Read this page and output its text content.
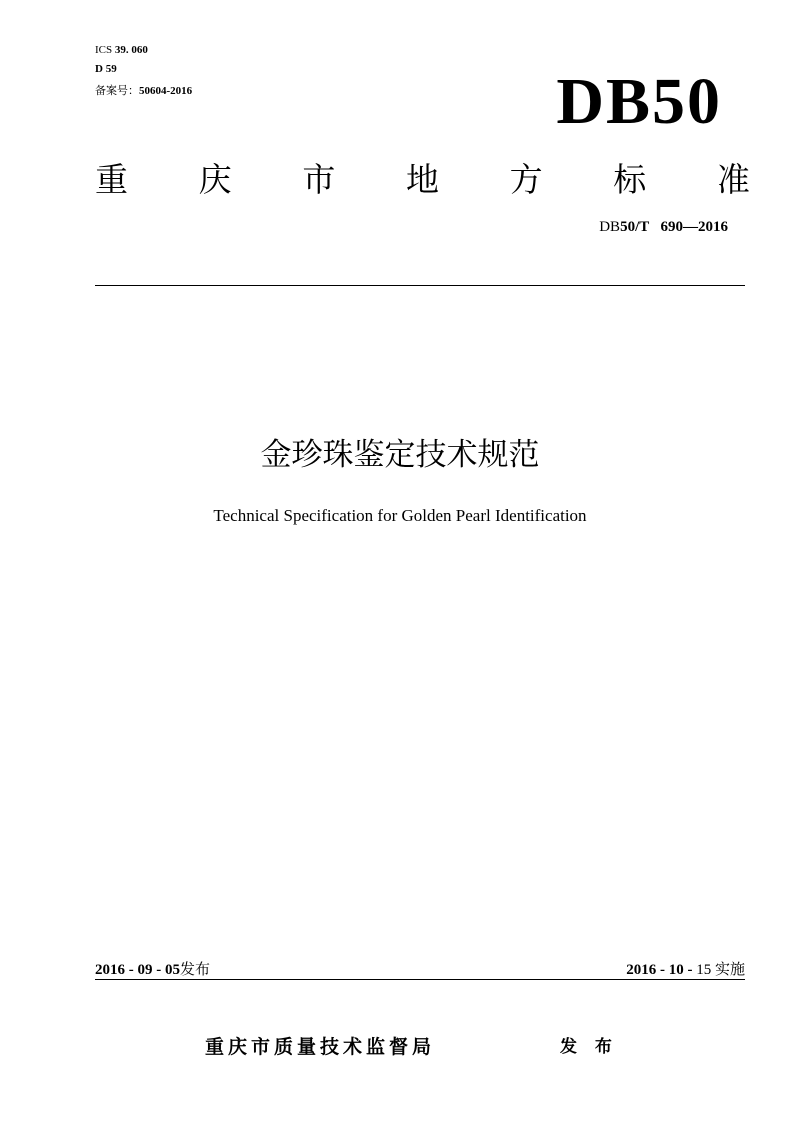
ICS 39. 060
D 59
备案号：50604-2016	DB50
重 庆 市 地 方 标 准
DB50/T 690—2016
金珍珠鉴定技术规范
Technical Specification for Golden Pearl Identification
2016 - 09 - 05发布	2016 - 10 - 15 实施
重庆市质量技术监督局	发 布
